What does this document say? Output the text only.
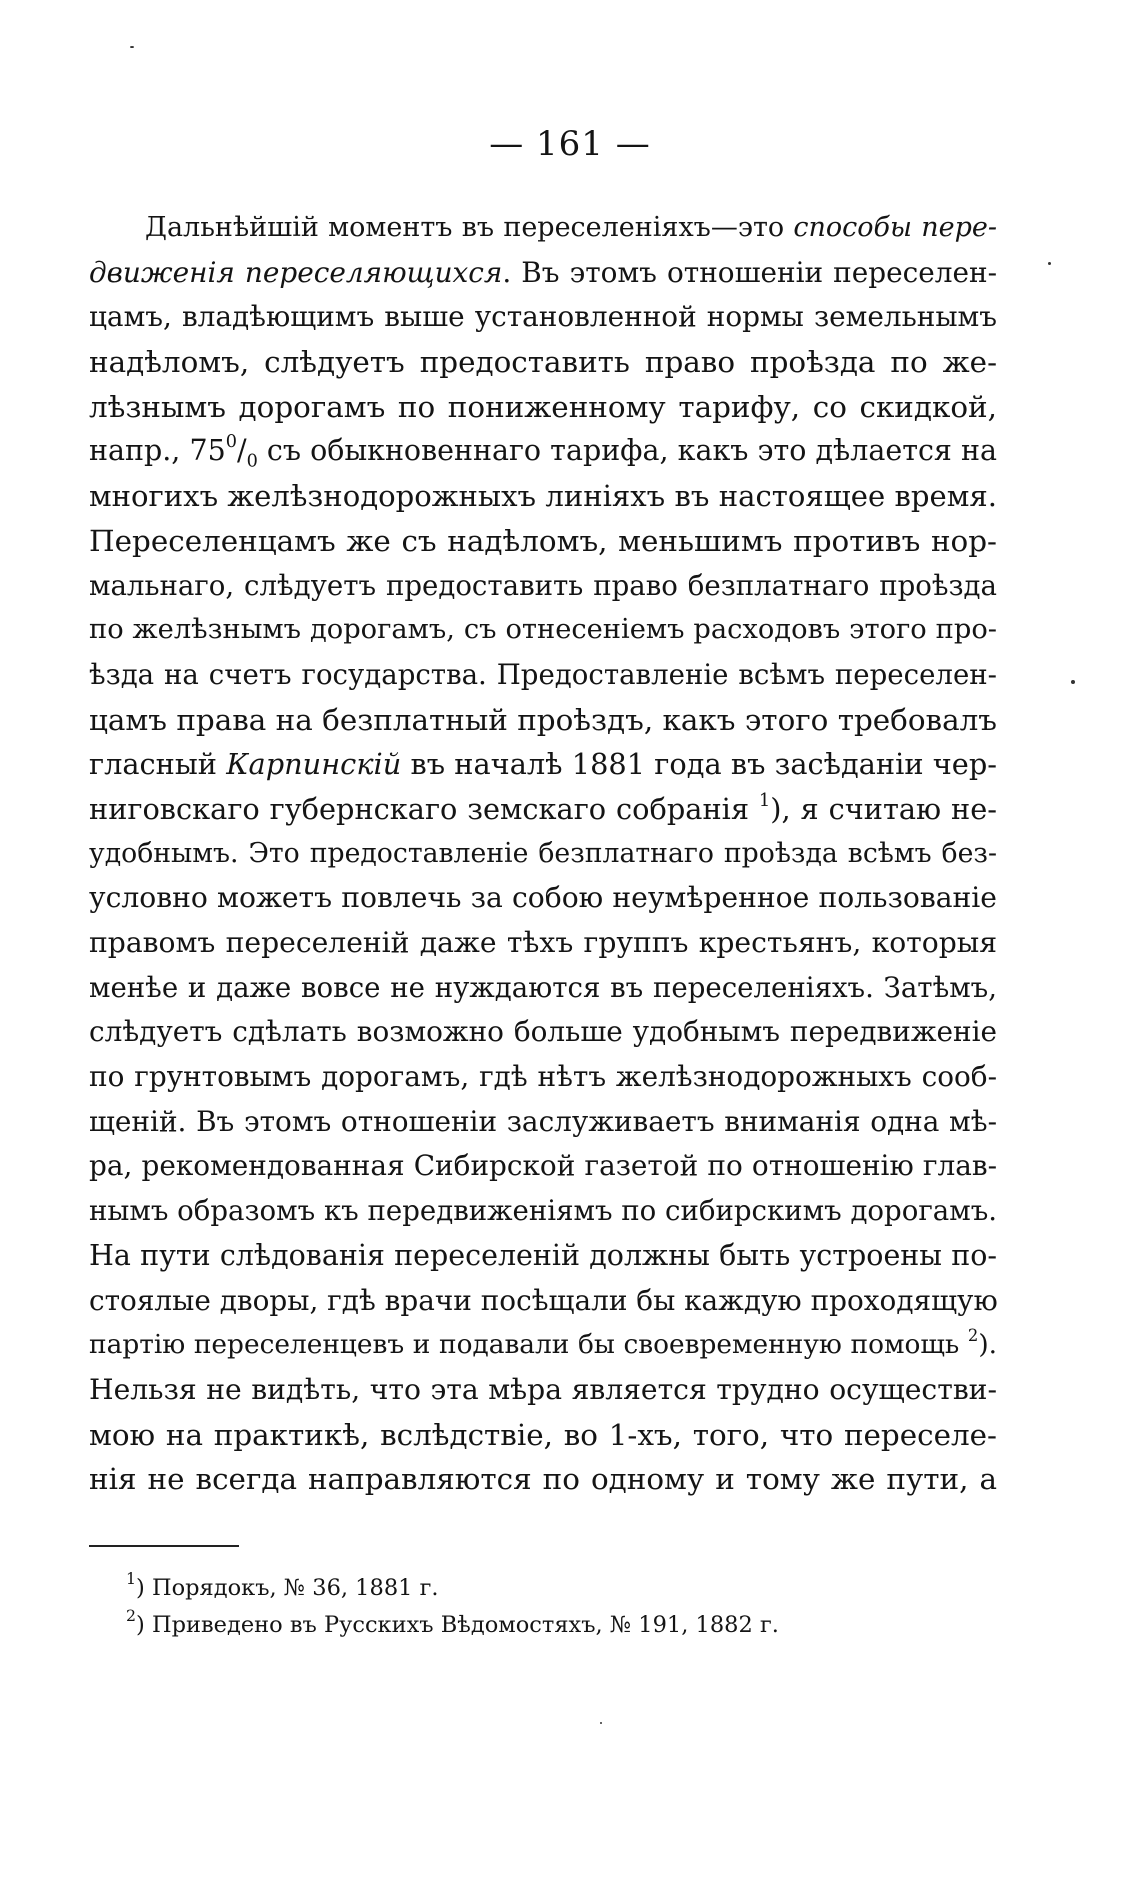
— 161 —
Дальнѣйшій моментъ въ переселеніяхъ—это способы пере-
движенія переселяющихся. Въ этомъ отношеніи переселен-
цамъ, владѣющимъ выше установленной нормы земельнымъ
надѣломъ, слѣдуетъ предоставить право проѣзда по же-
лѣзнымъ дорогамъ по пониженному тарифу, со скидкой,
напр., $75^0/_0$ съ обыкновеннаго тарифа, какъ это дѣлается на
многихъ желѣзнодорожныхъ линіяхъ въ настоящее время.
Переселенцамъ же съ надѣломъ, меньшимъ противъ нор-
мальнаго, слѣдуетъ предоставить право безплатнаго проѣзда
по желѣзнымъ дорогамъ, съ отнесеніемъ расходовъ этого про-
ѣзда на счетъ государства. Предоставленіе всѣмъ переселен-
цамъ права на безплатный проѣздъ, какъ этого требовалъ
гласный Карпинскій въ началѣ 1881 года въ засѣданіи чер-
ниговскаго губернскаго земскаго собранія $^1$), я считаю не-
удобнымъ. Это предоставленіе безплатнаго проѣзда всѣмъ без-
условно можетъ повлечь за собою неумѣренное пользованіе
правомъ переселеній даже тѣхъ группъ крестьянъ, которыя
менѣе и даже вовсе не нуждаются въ переселеніяхъ. Затѣмъ,
слѣдуетъ сдѣлать возможно больше удобнымъ передвиженіе
по грунтовымъ дорогамъ, гдѣ нѣтъ желѣзнодорожныхъ сооб-
щеній. Въ этомъ отношеніи заслуживаетъ вниманія одна мѣ-
ра, рекомендованная Сибирской газетой по отношенію глав-
нымъ образомъ къ передвиженіямъ по сибирскимъ дорогамъ.
На пути слѣдованія переселеній должны быть устроены по-
стоялые дворы, гдѣ врачи посѣщали бы каждую проходящую
партію переселенцевъ и подавали бы своевременную помощь $^2$).
Нельзя не видѣть, что эта мѣра является трудно осуществи-
мою на практикѣ, вслѣдствіе, во 1-хъ, того, что переселе-
нія не всегда направляются по одному и тому же пути, а
$^1$) Порядокъ, № 36, 1881 г.
$^2$) Приведено въ Русскихъ Вѣдомостяхъ, № 191, 1882 г.
